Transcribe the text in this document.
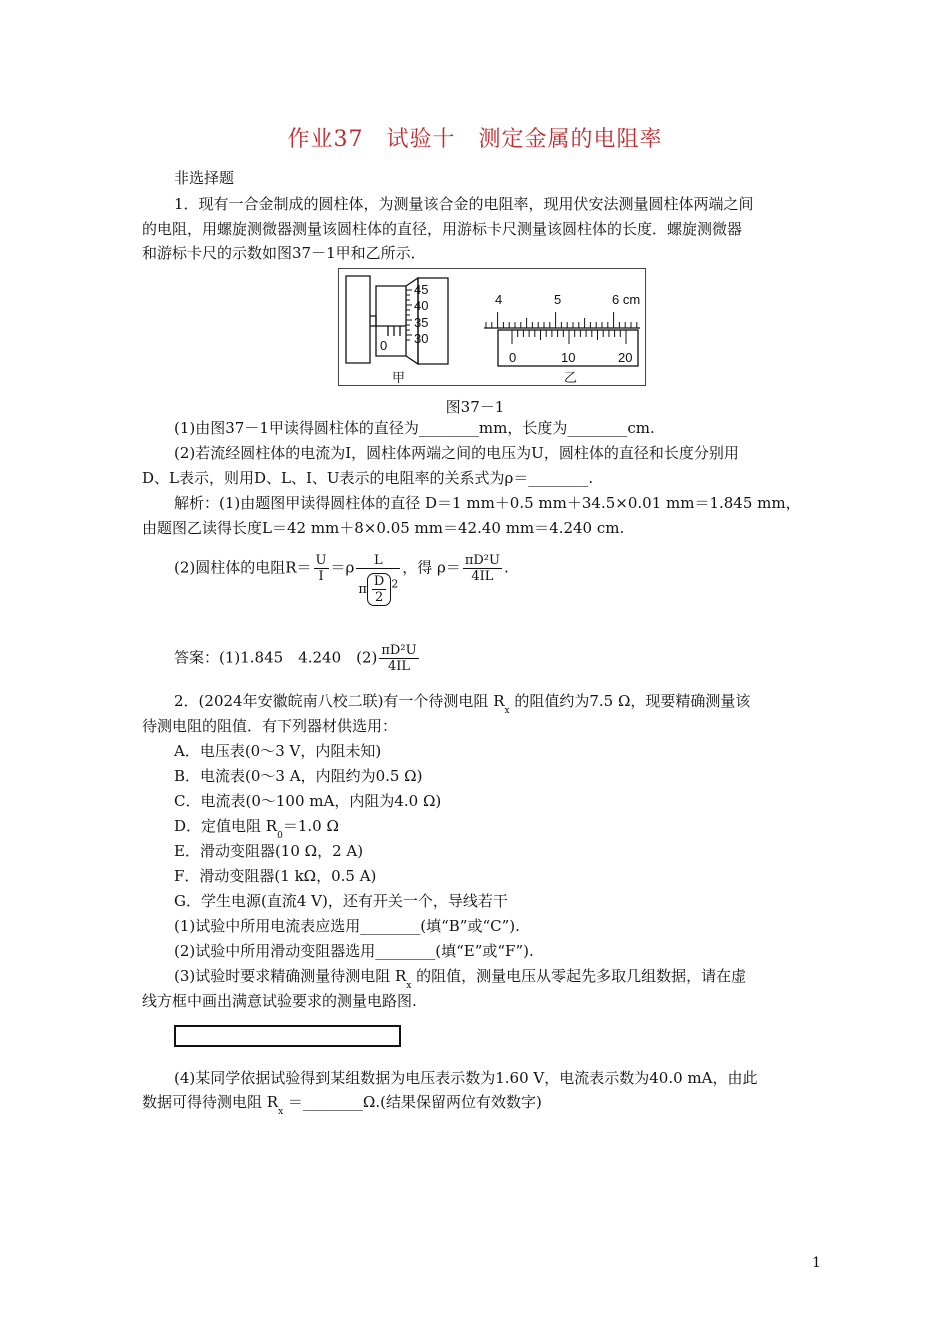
作业37　试验十　测定金属的电阻率
非选择题
1．现有一合金制成的圆柱体，为测量该合金的电阻率，现用伏安法测量圆柱体两端之间
的电阻，用螺旋测微器测量该圆柱体的直径，用游标卡尺测量该圆柱体的长度．螺旋测微器
和游标卡尺的示数如图37－1甲和乙所示．
45
40
35
30
0
甲
4	5	6 cm
0	10	20
乙
图37－1
(1)由图37－1甲读得圆柱体的直径为________mm，长度为________cm.
(2)若流经圆柱体的电流为I，圆柱体两端之间的电压为U，圆柱体的直径和长度分别用
D、L表示，则用D、L、I、U表示的电阻率的关系式为ρ＝________.
解析：(1)由题图甲读得圆柱体的直径 D＝1 mm＋0.5 mm＋34.5×0.01 mm＝1.845 mm，
由题图乙读得长度L＝42 mm＋8×0.05 mm＝42.40 mm＝4.240 cm.
(2)圆柱体的电阻$R= \frac{U}{I} =\rho \frac{L}{\pi \frac{D}{2} ^2}$ ，得 $\rho= \frac{\text{πD²U}}{4IL}$ .
答案：(1)1.845　4.240　$(2) \frac{\text{πD²U}}{4IL}$
2．(2024年安徽皖南八校二联)有一个待测电阻 $R_x$ 的阻值约为7.5 Ω，现要精确测量该
待测电阻的阻值．有下列器材供选用：
A．电压表(0～3 V，内阻未知)
B．电流表(0～3 A，内阻约为0.5 Ω)
C．电流表(0～100 mA，内阻为4.0 Ω)
D．定值电阻 $R_0=1.0$ Ω
E．滑动变阻器(10 Ω，2 A)
F．滑动变阻器(1 kΩ，0.5 A)
G．学生电源(直流4 V)，还有开关一个，导线若干
(1)试验中所用电流表应选用________(填“B”或“C”).
(2)试验中所用滑动变阻器选用________(填“E”或“F”).
(3)试验时要求精确测量待测电阻 $R_x$ 的阻值，测量电压从零起先多取几组数据，请在虚
线方框中画出满意试验要求的测量电路图.
(4)某同学依据试验得到某组数据为电压表示数为1.60 V，电流表示数为40.0 mA，由此
数据可得待测电阻 $R_x$ ＝________Ω.(结果保留两位有效数字)
1
